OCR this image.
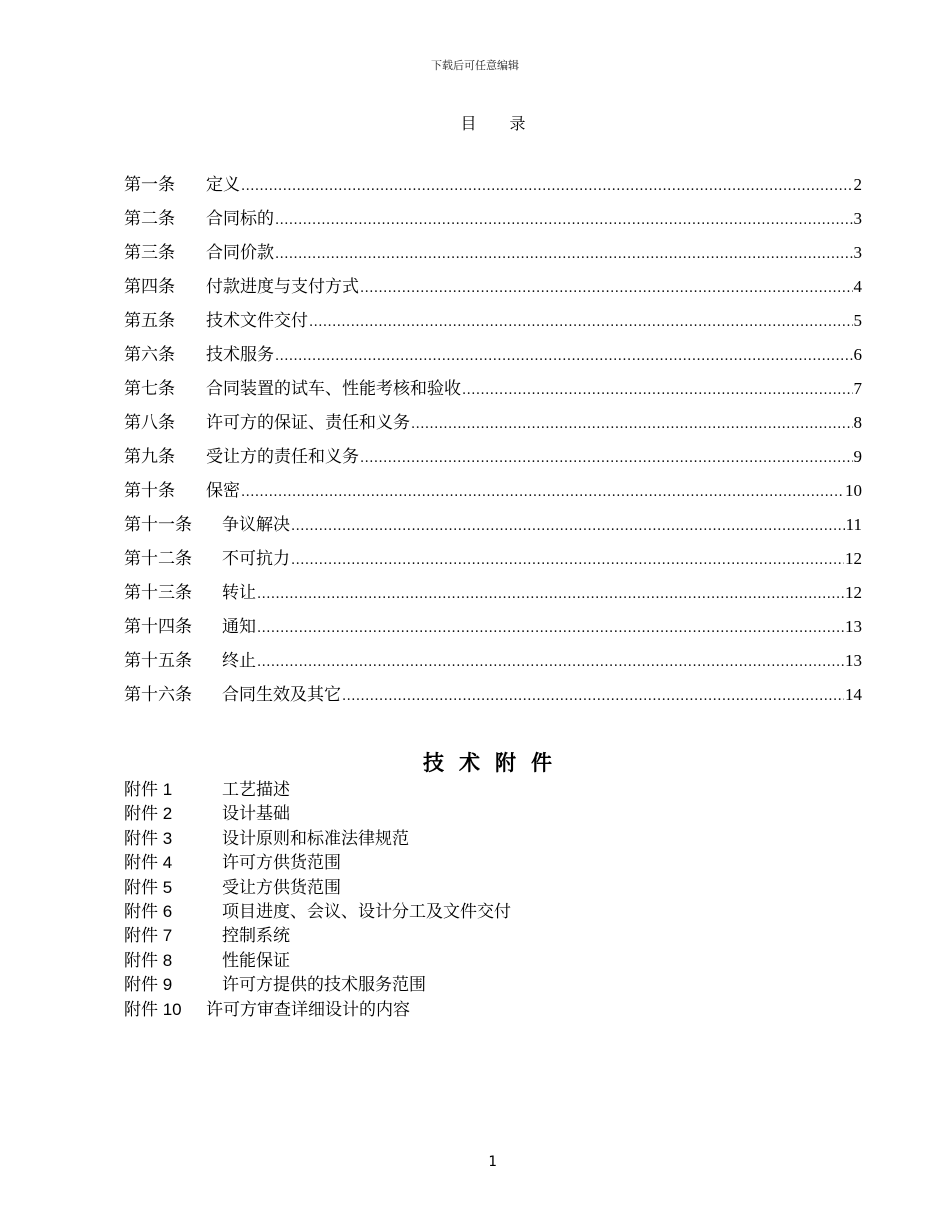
下载后可任意编辑
目 录
第一条	定义 .....	2
第二条	合同标的 .....	3
第三条	合同价款 .....	3
第四条	付款进度与支付方式 .....	4
第五条	技术文件交付 .....	5
第六条	技术服务 .....	6
第七条	合同装置的试车、性能考核和验收 .....	7
第八条	许可方的保证、责任和义务 .....	8
第九条	受让方的责任和义务 .....	9
第十条	保密 .....	10
第十一条	争议解决 .....	11
第十二条	不可抗力 .....	12
第十三条	转让 .....	12
第十四条	通知 .....	13
第十五条	终止 .....	13
第十六条	合同生效及其它 .....	14
技术附件
附件 1	工艺描述
附件 2	设计基础
附件 3	设计原则和标准法律规范
附件 4	许可方供货范围
附件 5	受让方供货范围
附件 6	项目进度、会议、设计分工及文件交付
附件 7	控制系统
附件 8	性能保证
附件 9	许可方提供的技术服务范围
附件 10	许可方审查详细设计的内容
1
